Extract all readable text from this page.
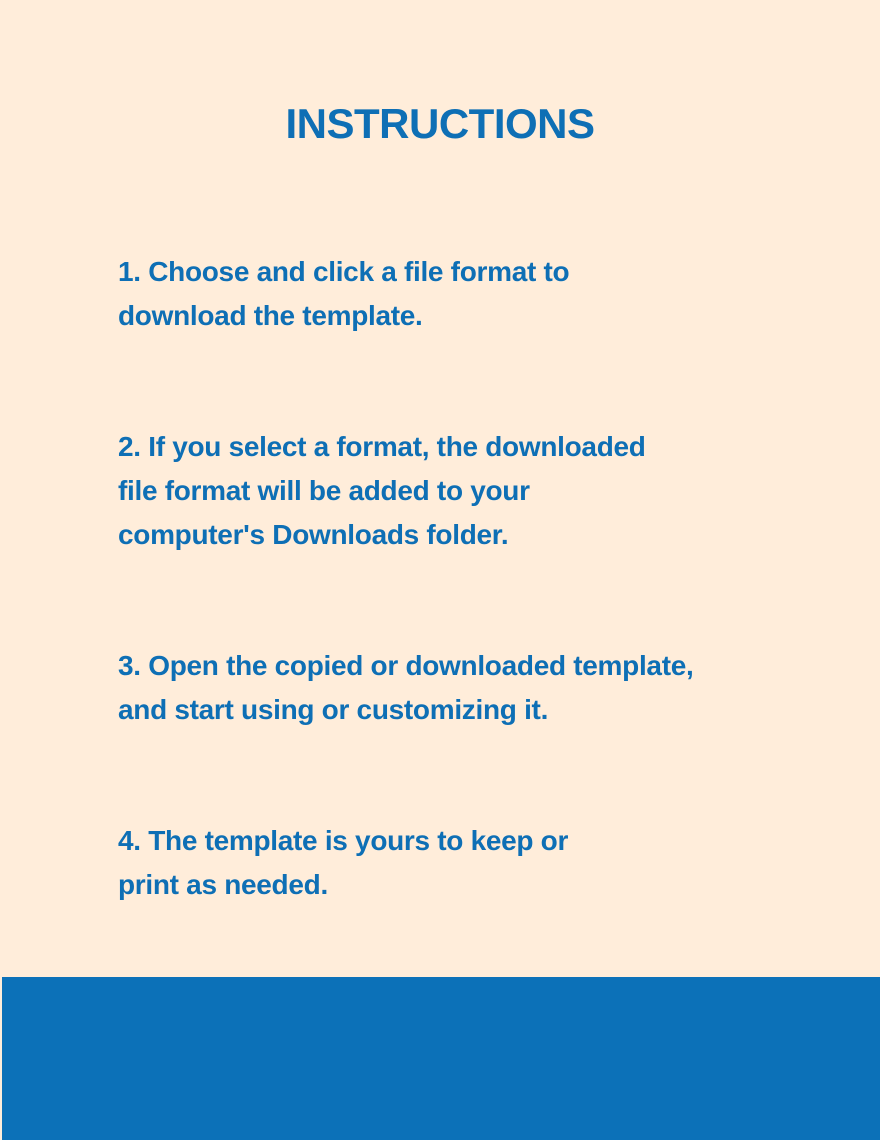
INSTRUCTIONS
1. Choose and click a file format to
download the template.
2. If you select a format, the downloaded
file format will be added to your
computer's Downloads folder.
3. Open the copied or downloaded template,
and start using or customizing it.
4. The template is yours to keep or
print as needed.
